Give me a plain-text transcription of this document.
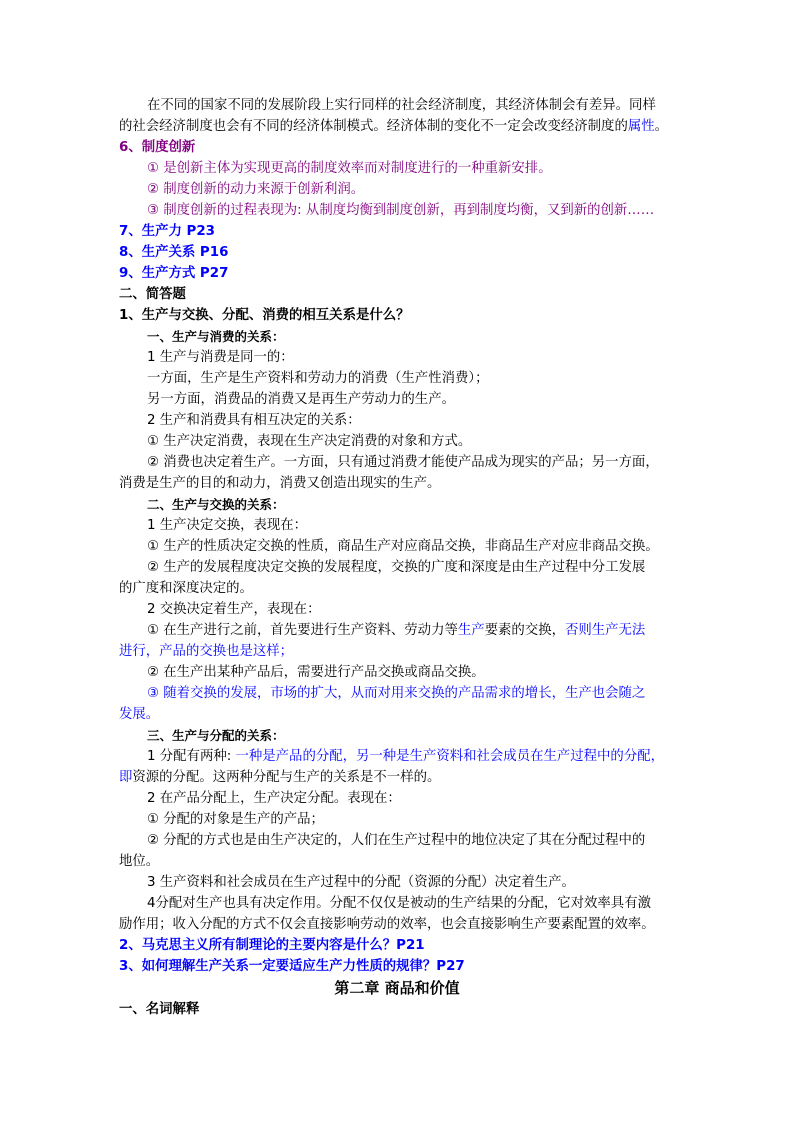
在不同的国家不同的发展阶段上实行同样的社会经济制度，其经济体制会有差异。同样
的社会经济制度也会有不同的经济体制模式。经济体制的变化不一定会改变经济制度的属性。
6、制度创新
① 是创新主体为实现更高的制度效率而对制度进行的一种重新安排。
② 制度创新的动力来源于创新利润。
③ 制度创新的过程表现为: 从制度均衡到制度创新，再到制度均衡，又到新的创新……
7、生产力 P23
8、生产关系 P16
9、生产方式 P27
二、简答题
1、生产与交换、分配、消费的相互关系是什么？
一、生产与消费的关系：
1 生产与消费是同一的：
一方面，生产是生产资料和劳动力的消费（生产性消费）；
另一方面，消费品的消费又是再生产劳动力的生产。
2 生产和消费具有相互决定的关系：
① 生产决定消费，表现在生产决定消费的对象和方式。
② 消费也决定着生产。一方面，只有通过消费才能使产品成为现实的产品；另一方面，
消费是生产的目的和动力，消费又创造出现实的生产。
二、生产与交换的关系：
1 生产决定交换，表现在：
① 生产的性质决定交换的性质，商品生产对应商品交换，非商品生产对应非商品交换。
② 生产的发展程度决定交换的发展程度，交换的广度和深度是由生产过程中分工发展
的广度和深度决定的。
2 交换决定着生产，表现在：
① 在生产进行之前，首先要进行生产资料、劳动力等生产要素的交换，否则生产无法
进行，产品的交换也是这样；
② 在生产出某种产品后，需要进行产品交换或商品交换。
③ 随着交换的发展，市场的扩大，从而对用来交换的产品需求的增长，生产也会随之
发展。
三、生产与分配的关系：
1 分配有两种: 一种是产品的分配，另一种是生产资料和社会成员在生产过程中的分配，
即资源的分配。这两种分配与生产的关系是不一样的。
2 在产品分配上，生产决定分配。表现在：
① 分配的对象是生产的产品；
② 分配的方式也是由生产决定的，人们在生产过程中的地位决定了其在分配过程中的
地位。
3 生产资料和社会成员在生产过程中的分配（资源的分配）决定着生产。
4分配对生产也具有决定作用。分配不仅仅是被动的生产结果的分配，它对效率具有激
励作用；收入分配的方式不仅会直接影响劳动的效率，也会直接影响生产要素配置的效率。
2、马克思主义所有制理论的主要内容是什么？P21
3、如何理解生产关系一定要适应生产力性质的规律？P27
第二章 商品和价值
一、名词解释
